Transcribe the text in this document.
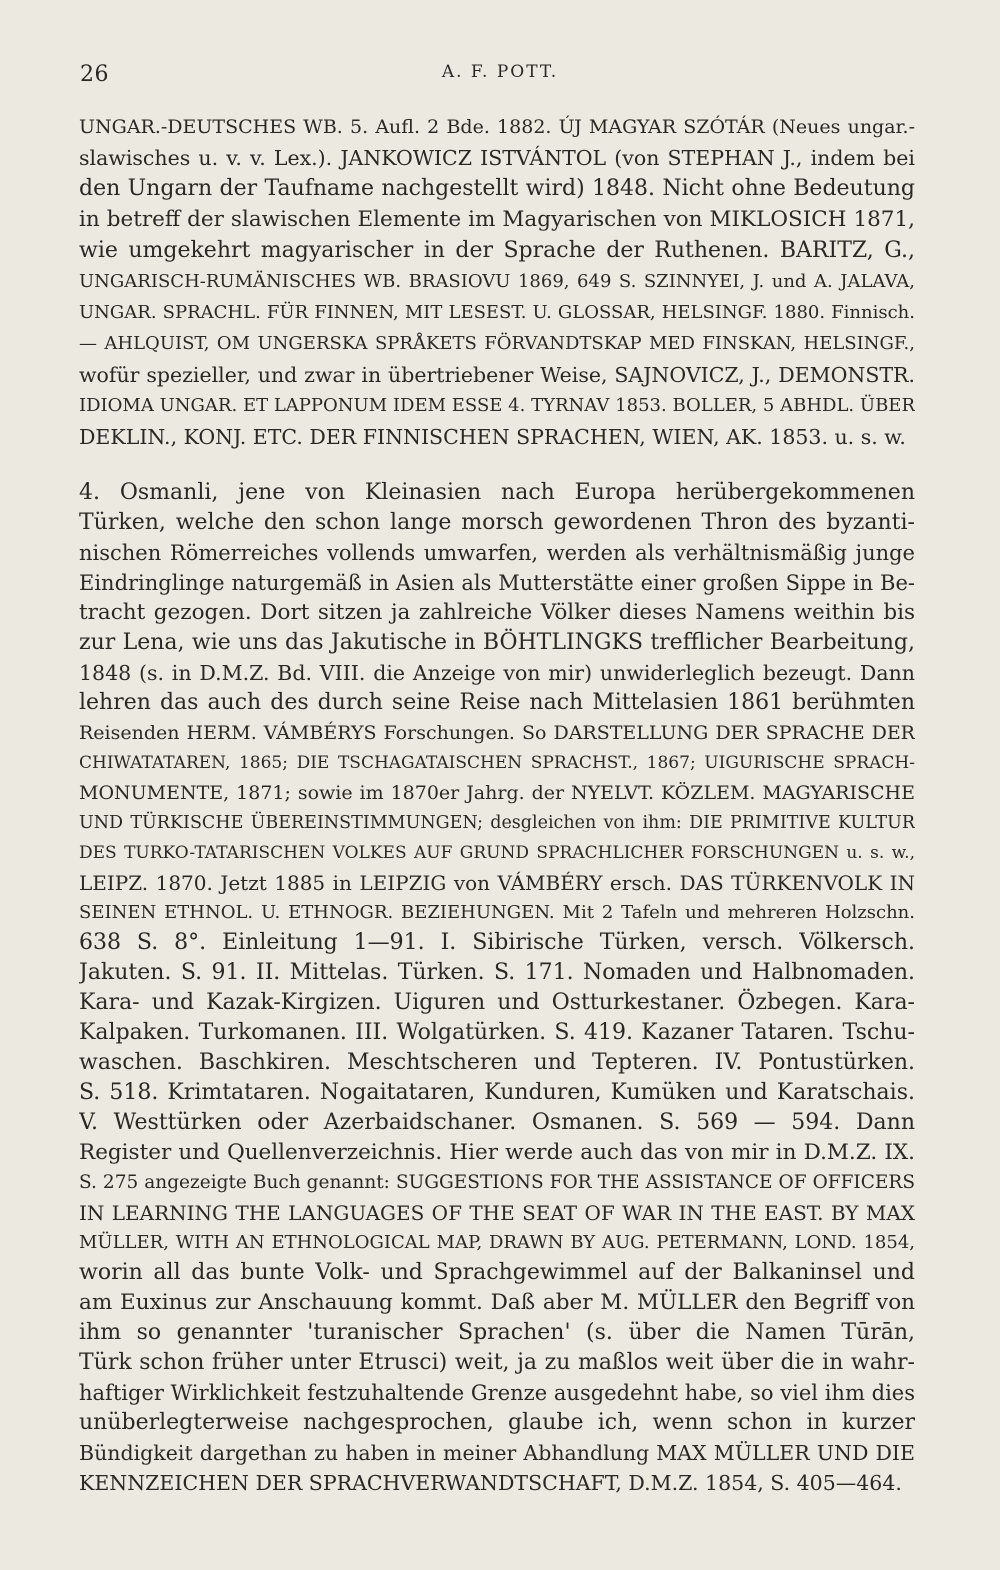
26	A. F. POTT.
UNGAR.-DEUTSCHES WB. 5. Aufl. 2 Bde. 1882. ÚJ MAGYAR SZÓTÁR (Neues ungar.-
slawisches u. v. v. Lex.). JANKOWICZ ISTVÁNTOL (von STEPHAN J., indem bei
den Ungarn der Taufname nachgestellt wird) 1848. Nicht ohne Bedeutung
in betreff der slawischen Elemente im Magyarischen von MIKLOSICH 1871,
wie umgekehrt magyarischer in der Sprache der Ruthenen. BARITZ, G.,
UNGARISCH-RUMÄNISCHES WB. BRASIOVU 1869, 649 S. SZINNYEI, J. und A. JALAVA,
UNGAR. SPRACHL. FÜR FINNEN, MIT LESEST. U. GLOSSAR, HELSINGF. 1880. Finnisch.
— AHLQUIST, OM UNGERSKA SPRÅKETS FÖRVANDTSKAP MED FINSKAN, HELSINGF.,
wofür spezieller, und zwar in übertriebener Weise, SAJNOVICZ, J., DEMONSTR.
IDIOMA UNGAR. ET LAPPONUM IDEM ESSE 4. TYRNAV 1853. BOLLER, 5 ABHDL. ÜBER
DEKLIN., KONJ. ETC. DER FINNISCHEN SPRACHEN, WIEN, AK. 1853. u. s. w.
4. Osmanli, jene von Kleinasien nach Europa herübergekommenen
Türken, welche den schon lange morsch gewordenen Thron des byzanti-
nischen Römerreiches vollends umwarfen, werden als verhältnismäßig junge
Eindringlinge naturgemäß in Asien als Mutterstätte einer großen Sippe in Be-
tracht gezogen. Dort sitzen ja zahlreiche Völker dieses Namens weithin bis
zur Lena, wie uns das Jakutische in BÖHTLINGKS trefflicher Bearbeitung,
1848 (s. in D.M.Z. Bd. VIII. die Anzeige von mir) unwiderleglich bezeugt. Dann
lehren das auch des durch seine Reise nach Mittelasien 1861 berühmten
Reisenden HERM. VÁMBÉRYS Forschungen. So DARSTELLUNG DER SPRACHE DER
CHIWATATAREN, 1865; DIE TSCHAGATAISCHEN SPRACHST., 1867; UIGURISCHE SPRACH-
MONUMENTE, 1871; sowie im 1870er Jahrg. der NYELVT. KÖZLEM. MAGYARISCHE
UND TÜRKISCHE ÜBEREINSTIMMUNGEN; desgleichen von ihm: DIE PRIMITIVE KULTUR
DES TURKO-TATARISCHEN VOLKES AUF GRUND SPRACHLICHER FORSCHUNGEN u. s. w.,
LEIPZ. 1870. Jetzt 1885 in LEIPZIG von VÁMBÉRY ersch. DAS TÜRKENVOLK IN
SEINEN ETHNOL. U. ETHNOGR. BEZIEHUNGEN. Mit 2 Tafeln und mehreren Holzschn.
638 S. 8°. Einleitung 1—91. I. Sibirische Türken, versch. Völkersch.
Jakuten. S. 91. II. Mittelas. Türken. S. 171. Nomaden und Halbnomaden.
Kara- und Kazak-Kirgizen. Uiguren und Ostturkestaner. Özbegen. Kara-
Kalpaken. Turkomanen. III. Wolgatürken. S. 419. Kazaner Tataren. Tschu-
waschen. Baschkiren. Meschtscheren und Tepteren. IV. Pontustürken.
S. 518. Krimtataren. Nogaitataren, Kunduren, Kumüken und Karatschais.
V. Westtürken oder Azerbaidschaner. Osmanen. S. 569 — 594. Dann
Register und Quellenverzeichnis. Hier werde auch das von mir in D.M.Z. IX.
S. 275 angezeigte Buch genannt: SUGGESTIONS FOR THE ASSISTANCE OF OFFICERS
IN LEARNING THE LANGUAGES OF THE SEAT OF WAR IN THE EAST. BY MAX
MÜLLER, WITH AN ETHNOLOGICAL MAP, DRAWN BY AUG. PETERMANN, LOND. 1854,
worin all das bunte Volk- und Sprachgewimmel auf der Balkaninsel und
am Euxinus zur Anschauung kommt. Daß aber M. MÜLLER den Begriff von
ihm so genannter 'turanischer Sprachen' (s. über die Namen Tūrān,
Türk schon früher unter Etrusci) weit, ja zu maßlos weit über die in wahr-
haftiger Wirklichkeit festzuhaltende Grenze ausgedehnt habe, so viel ihm dies
unüberlegterweise nachgesprochen, glaube ich, wenn schon in kurzer
Bündigkeit dargethan zu haben in meiner Abhandlung MAX MÜLLER UND DIE
KENNZEICHEN DER SPRACHVERWANDTSCHAFT, D.M.Z. 1854, S. 405—464.
